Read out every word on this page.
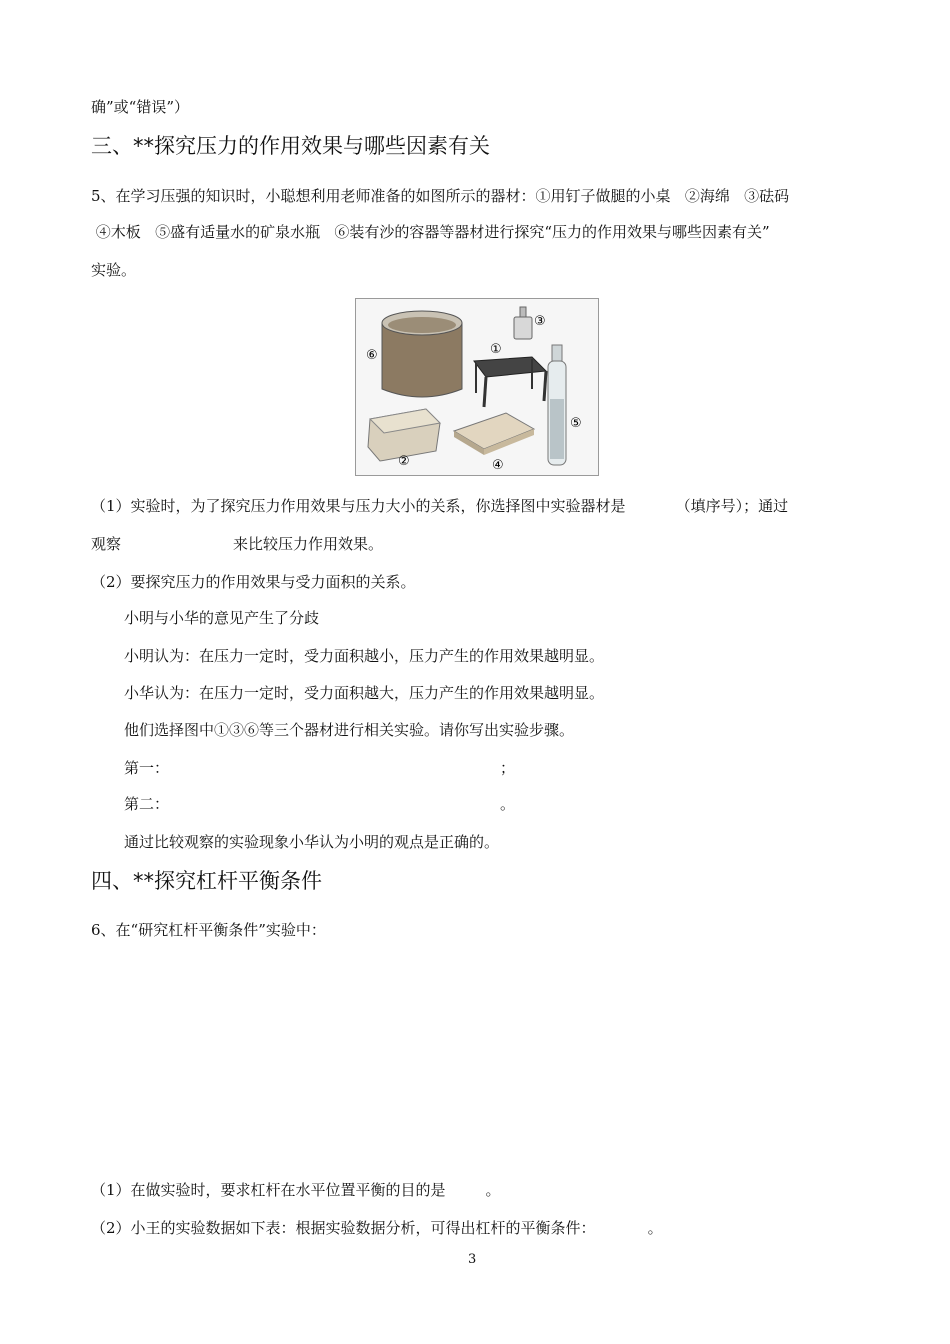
确”或“错误”）
三、**探究压力的作用效果与哪些因素有关
5、在学习压强的知识时，小聪想利用老师准备的如图所示的器材：①用钉子做腿的小桌   ②海绵   ③砝码
④木板   ⑤盛有适量水的矿泉水瓶   ⑥装有沙的容器等器材进行探究“压力的作用效果与哪些因素有关”
实验。
⑥
③
①
⑤
②	④
（1）实验时，为了探究压力作用效果与压力大小的关系，你选择图中实验器材是	（填序号）；通过
观察	来比较压力作用效果。
（2）要探究压力的作用效果与受力面积的关系。
小明与小华的意见产生了分歧
小明认为：在压力一定时，受力面积越小，压力产生的作用效果越明显。
小华认为：在压力一定时，受力面积越大，压力产生的作用效果越明显。
他们选择图中①③⑥等三个器材进行相关实验。请你写出实验步骤。
第一：	；
第二：	。
通过比较观察的实验现象小华认为小明的观点是正确的。
四、**探究杠杆平衡条件
6、在“研究杠杆平衡条件”实验中：
（1）在做实验时，要求杠杆在水平位置平衡的目的是	。
（2）小王的实验数据如下表：根据实验数据分析，可得出杠杆的平衡条件：	。
3
